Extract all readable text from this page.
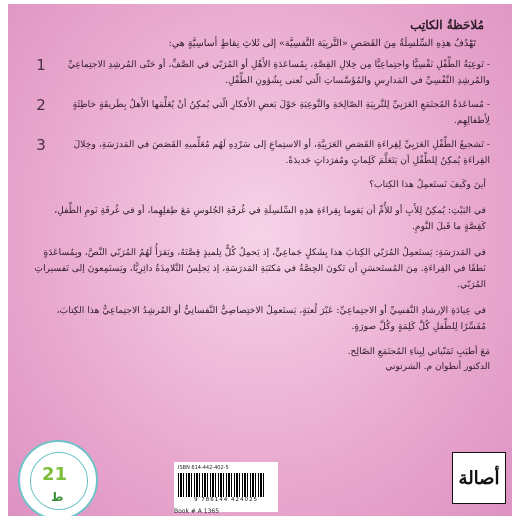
مُلاحَظةُ الكاتِب
تَهْدُفُ هذِهِ السِّلسِلَةُ مِنَ القَصَصِ «التَّربِيَة النَّفسِيَّة» إلى ثَلاثِ نِقاطٍ أساسِيَّةٍ هي:
- تَوعِيَةُ الطِّفْلِ نَفْسِيًّا واجتِماعِيًّا مِن خِلالِ القِصَّةِ، بِمُساعَدَةِ الأَهْلِ أو المُرَبّي في الصَّفِّ، أو حَتّى المُرشِدِ الاجتِماعِيِّ والمُرشِدِ النَّفْسِيِّ في المَدارِسِ والمُؤَسَّساتِ الّتي تُعنى بِشُؤونِ الطِّفْلِ.
1
- مُساعَدَةُ المُجتَمَعِ العَرَبِيِّ لِلتَّربِيَةِ الصّالِحَةِ والتَّوعِيَةِ حَوْلَ بَعضِ الأَفكارِ الّتي يُمكِنُ أنْ يُعَلِّمَها الأَهلُ بِطَريقَةٍ خاطِئَةٍ لِأَطفالِهِم.
2
- تَشجيعُ الطِّفْلِ العَرَبِيِّ لِقِراءَةِ القَصَصِ العَرَبِيَّةِ، أو الاستِماعِ إلى سَرْدِهِ لَهُم مُعَلِّميهِ القَصَصَ في المَدرَسَةِ، وخِلالَ القِراءَةِ يُمكِنُ لِلطِّفْلِ أن يَتَعَلَّمَ كَلِماتٍ ومُفرَداتٍ جَديدَةً.
3
أينَ وكَيفَ نَستَعمِلُ هذا الكِتاب؟
في البَيْتِ: يُمكِنُ لِلأَبِ أو للأُمِّ أن يَقوما بِقِراءَةِ هذِهِ السِّلسِلَةِ في غُرفَةِ الجُلوسِ مَعَ طِفلِهِما، أو في غُرفَةِ نَومِ الطِّفلِ، كَقِصَّةٍ ما قَبلَ النَّومِ.
في المَدرَسَةِ: يَستَعمِلُ المُرَبّي الكِتابَ هذا بِشَكلٍ جَماعِيٍّ، إذ يَحمِلُ كُلٌّ تِلميذٍ قِصَّتَهُ، ويَقرَأُ لَهُمُ المُرَبّي النَّصَّ، وبِمُساعَدَةٍ نَطقًا في القِراءَةِ. مِنَ المُستَحسَنِ أن تَكونَ الحِصَّةُ في مَكتَبَةِ المَدرَسَةِ، إذ يَجلِسُ التَّلامِذَةُ دائِرِيًّا، ويَستَمِعونَ إلى تَفسيراتِ المُرَبّي.
في عِيادَةِ الإرشادِ النَّفسِيِّ أو الاجتِماعِيِّ: عَبْرَ لُعبَةٍ، يَستَعمِلُ الاختِصاصِيُّ النَّفسانِيُّ أو المُرشِدُ الاجتِماعِيُّ هذا الكِتابَ، مُفَسِّرًا لِلطِّفلِ كُلَّ كَلِمَةٍ وكُلَّ صورَةٍ.
مَعَ أطيَبِ تَمَنّياتي لِبِناءِ المُجتَمَعِ الصّالِح.
الدكتور أنطوان م. الشرتوني
21
ط
ISBN 614-442-402-5
9 786144 424025
Book # A 1365
أصالة
